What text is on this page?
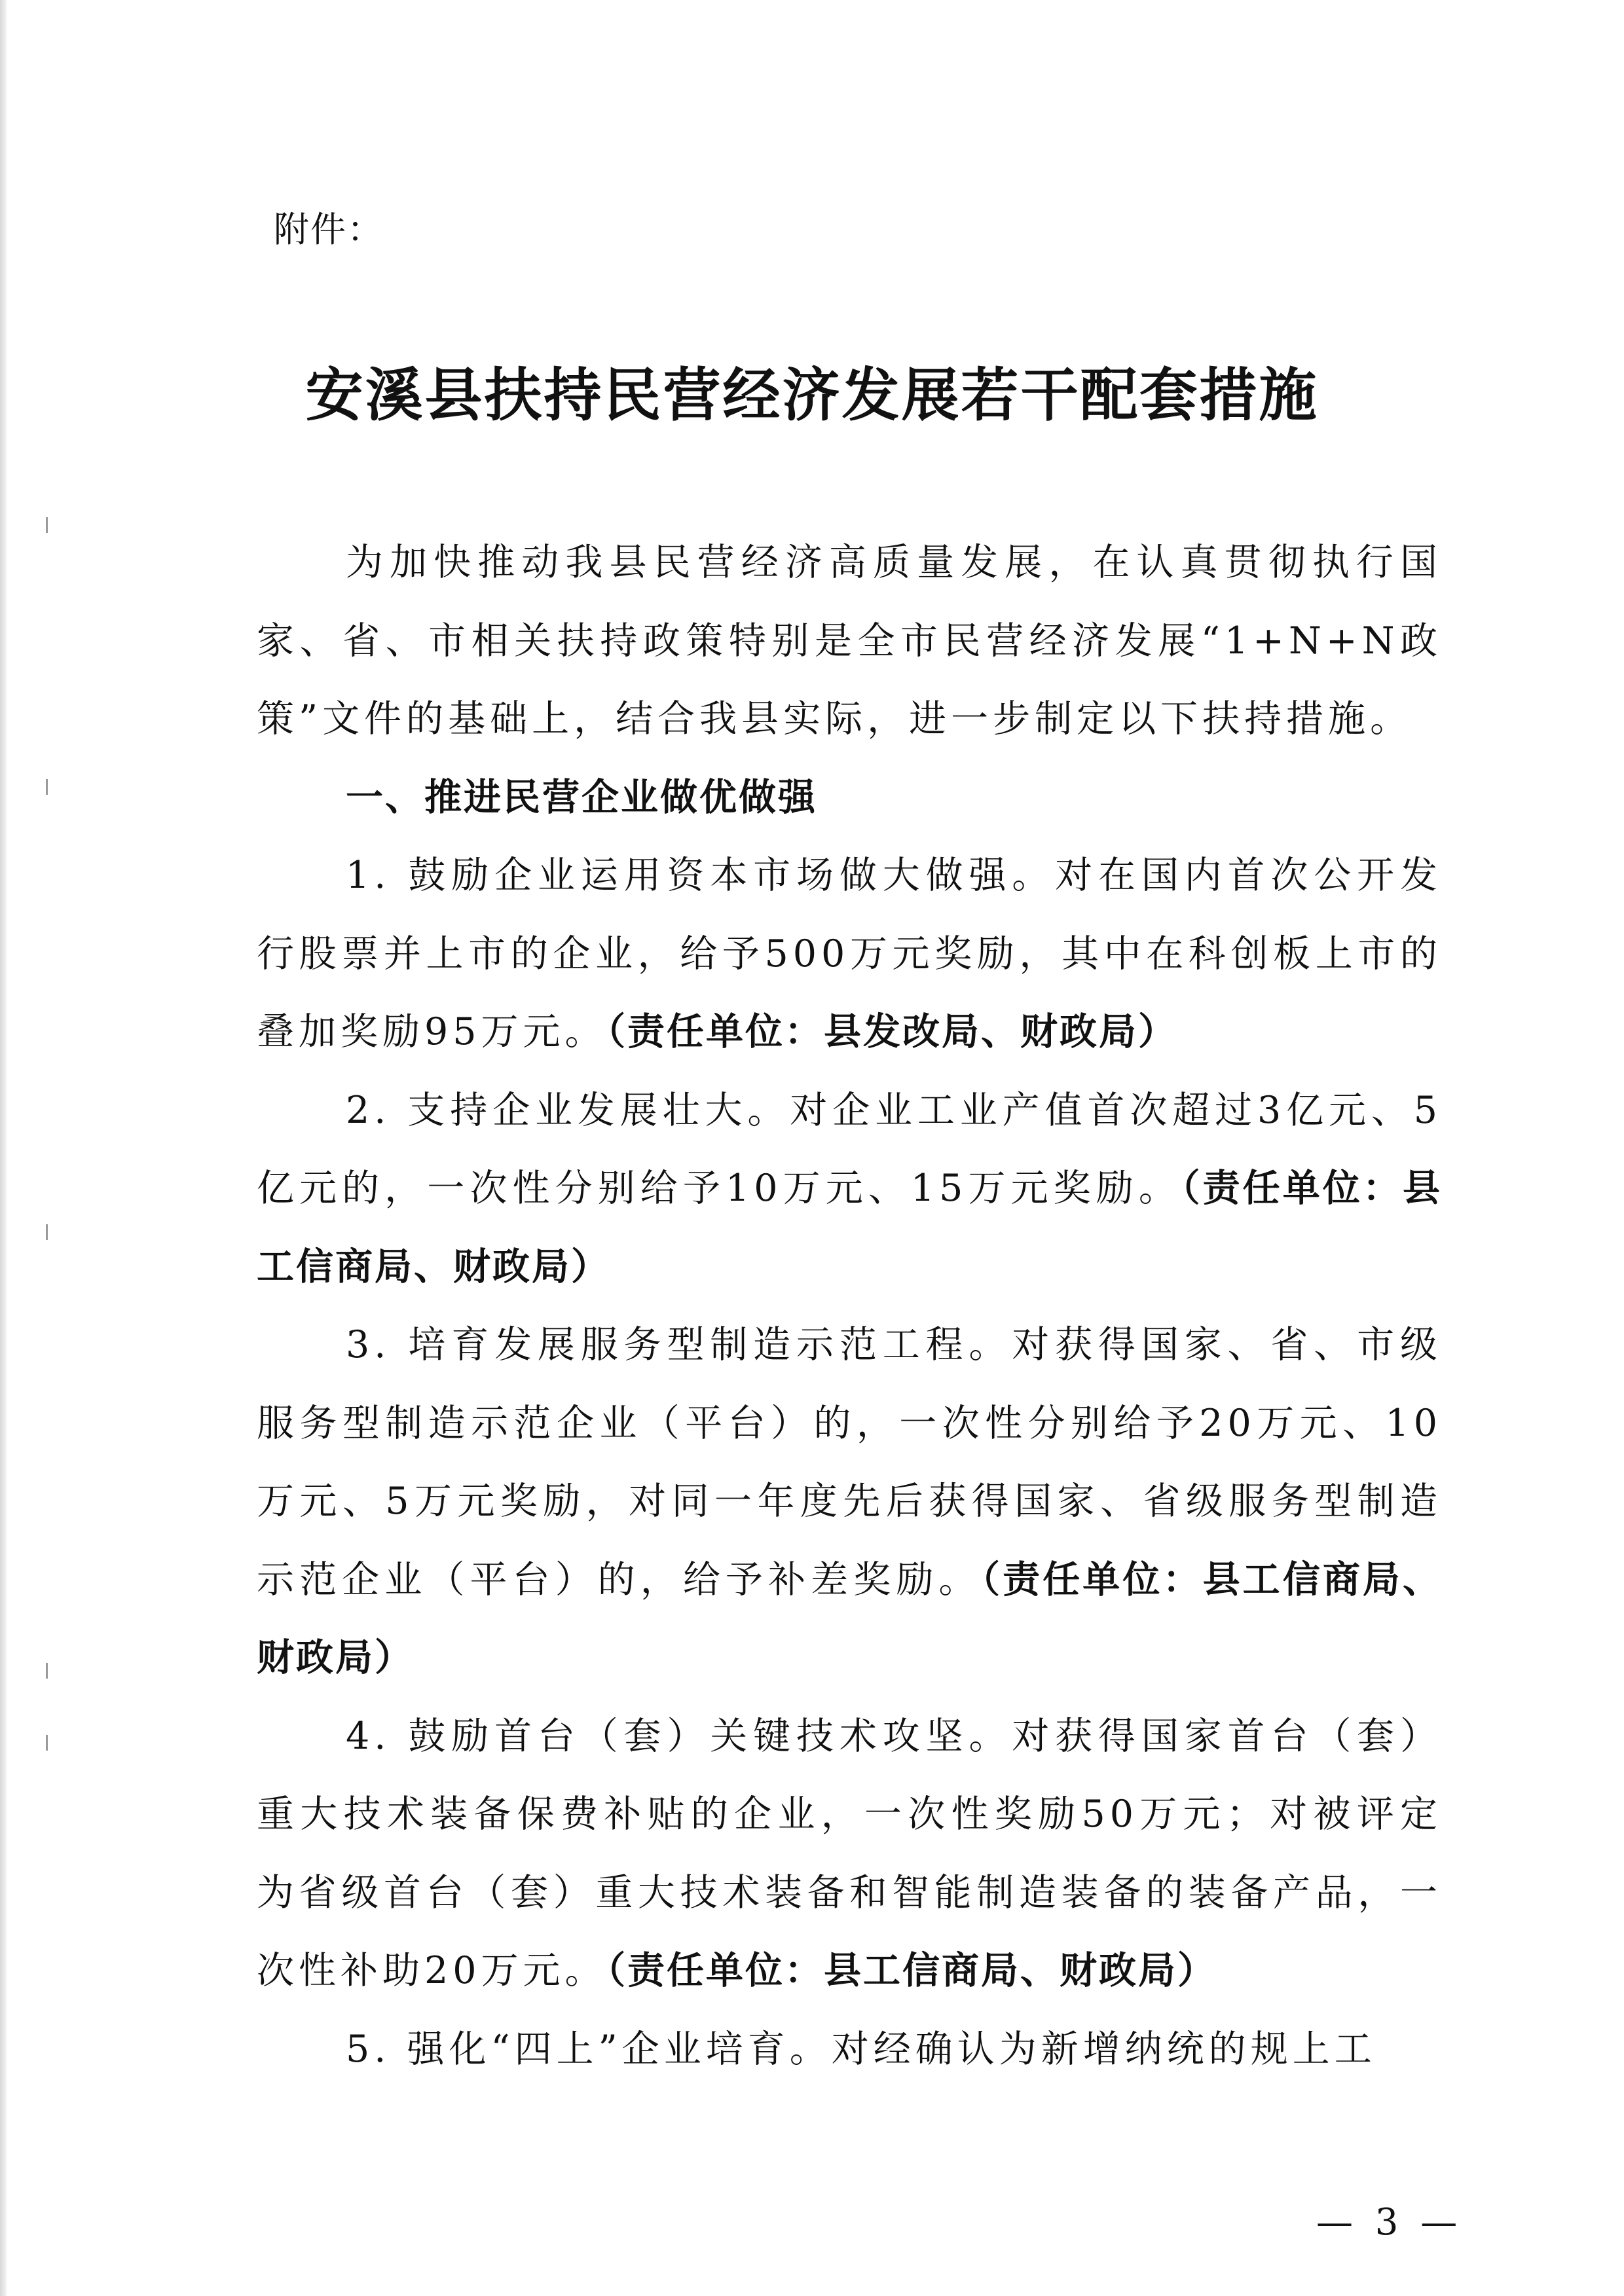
附件：
安溪县扶持民营经济发展若干配套措施

为加快推动我县民营经济高质量发展，在认真贯彻执行国家、省、市相关扶持政策特别是全市民营经济发展“1+N+N政策”文件的基础上，结合我县实际，进一步制定以下扶持措施。

一、推进民营企业做优做强

1. 鼓励企业运用资本市场做大做强。对在国内首次公开发行股票并上市的企业，给予500万元奖励，其中在科创板上市的叠加奖励95万元。（责任单位：县发改局、财政局）

2. 支持企业发展壮大。对企业工业产值首次超过3亿元、5亿元的，一次性分别给予10万元、15万元奖励。（责任单位：县工信商局、财政局）

3. 培育发展服务型制造示范工程。对获得国家、省、市级服务型制造示范企业（平台）的，一次性分别给予20万元、10万元、5万元奖励，对同一年度先后获得国家、省级服务型制造示范企业（平台）的，给予补差奖励。（责任单位：县工信商局、财政局）

4. 鼓励首台（套）关键技术攻坚。对获得国家首台（套）重大技术装备保费补贴的企业，一次性奖励50万元；对被评定为省级首台（套）重大技术装备和智能制造装备的装备产品，一次性补助20万元。（责任单位：县工信商局、财政局）

5. 强化“四上”企业培育。对经确认为新增纳统的规上工

— 3 —
